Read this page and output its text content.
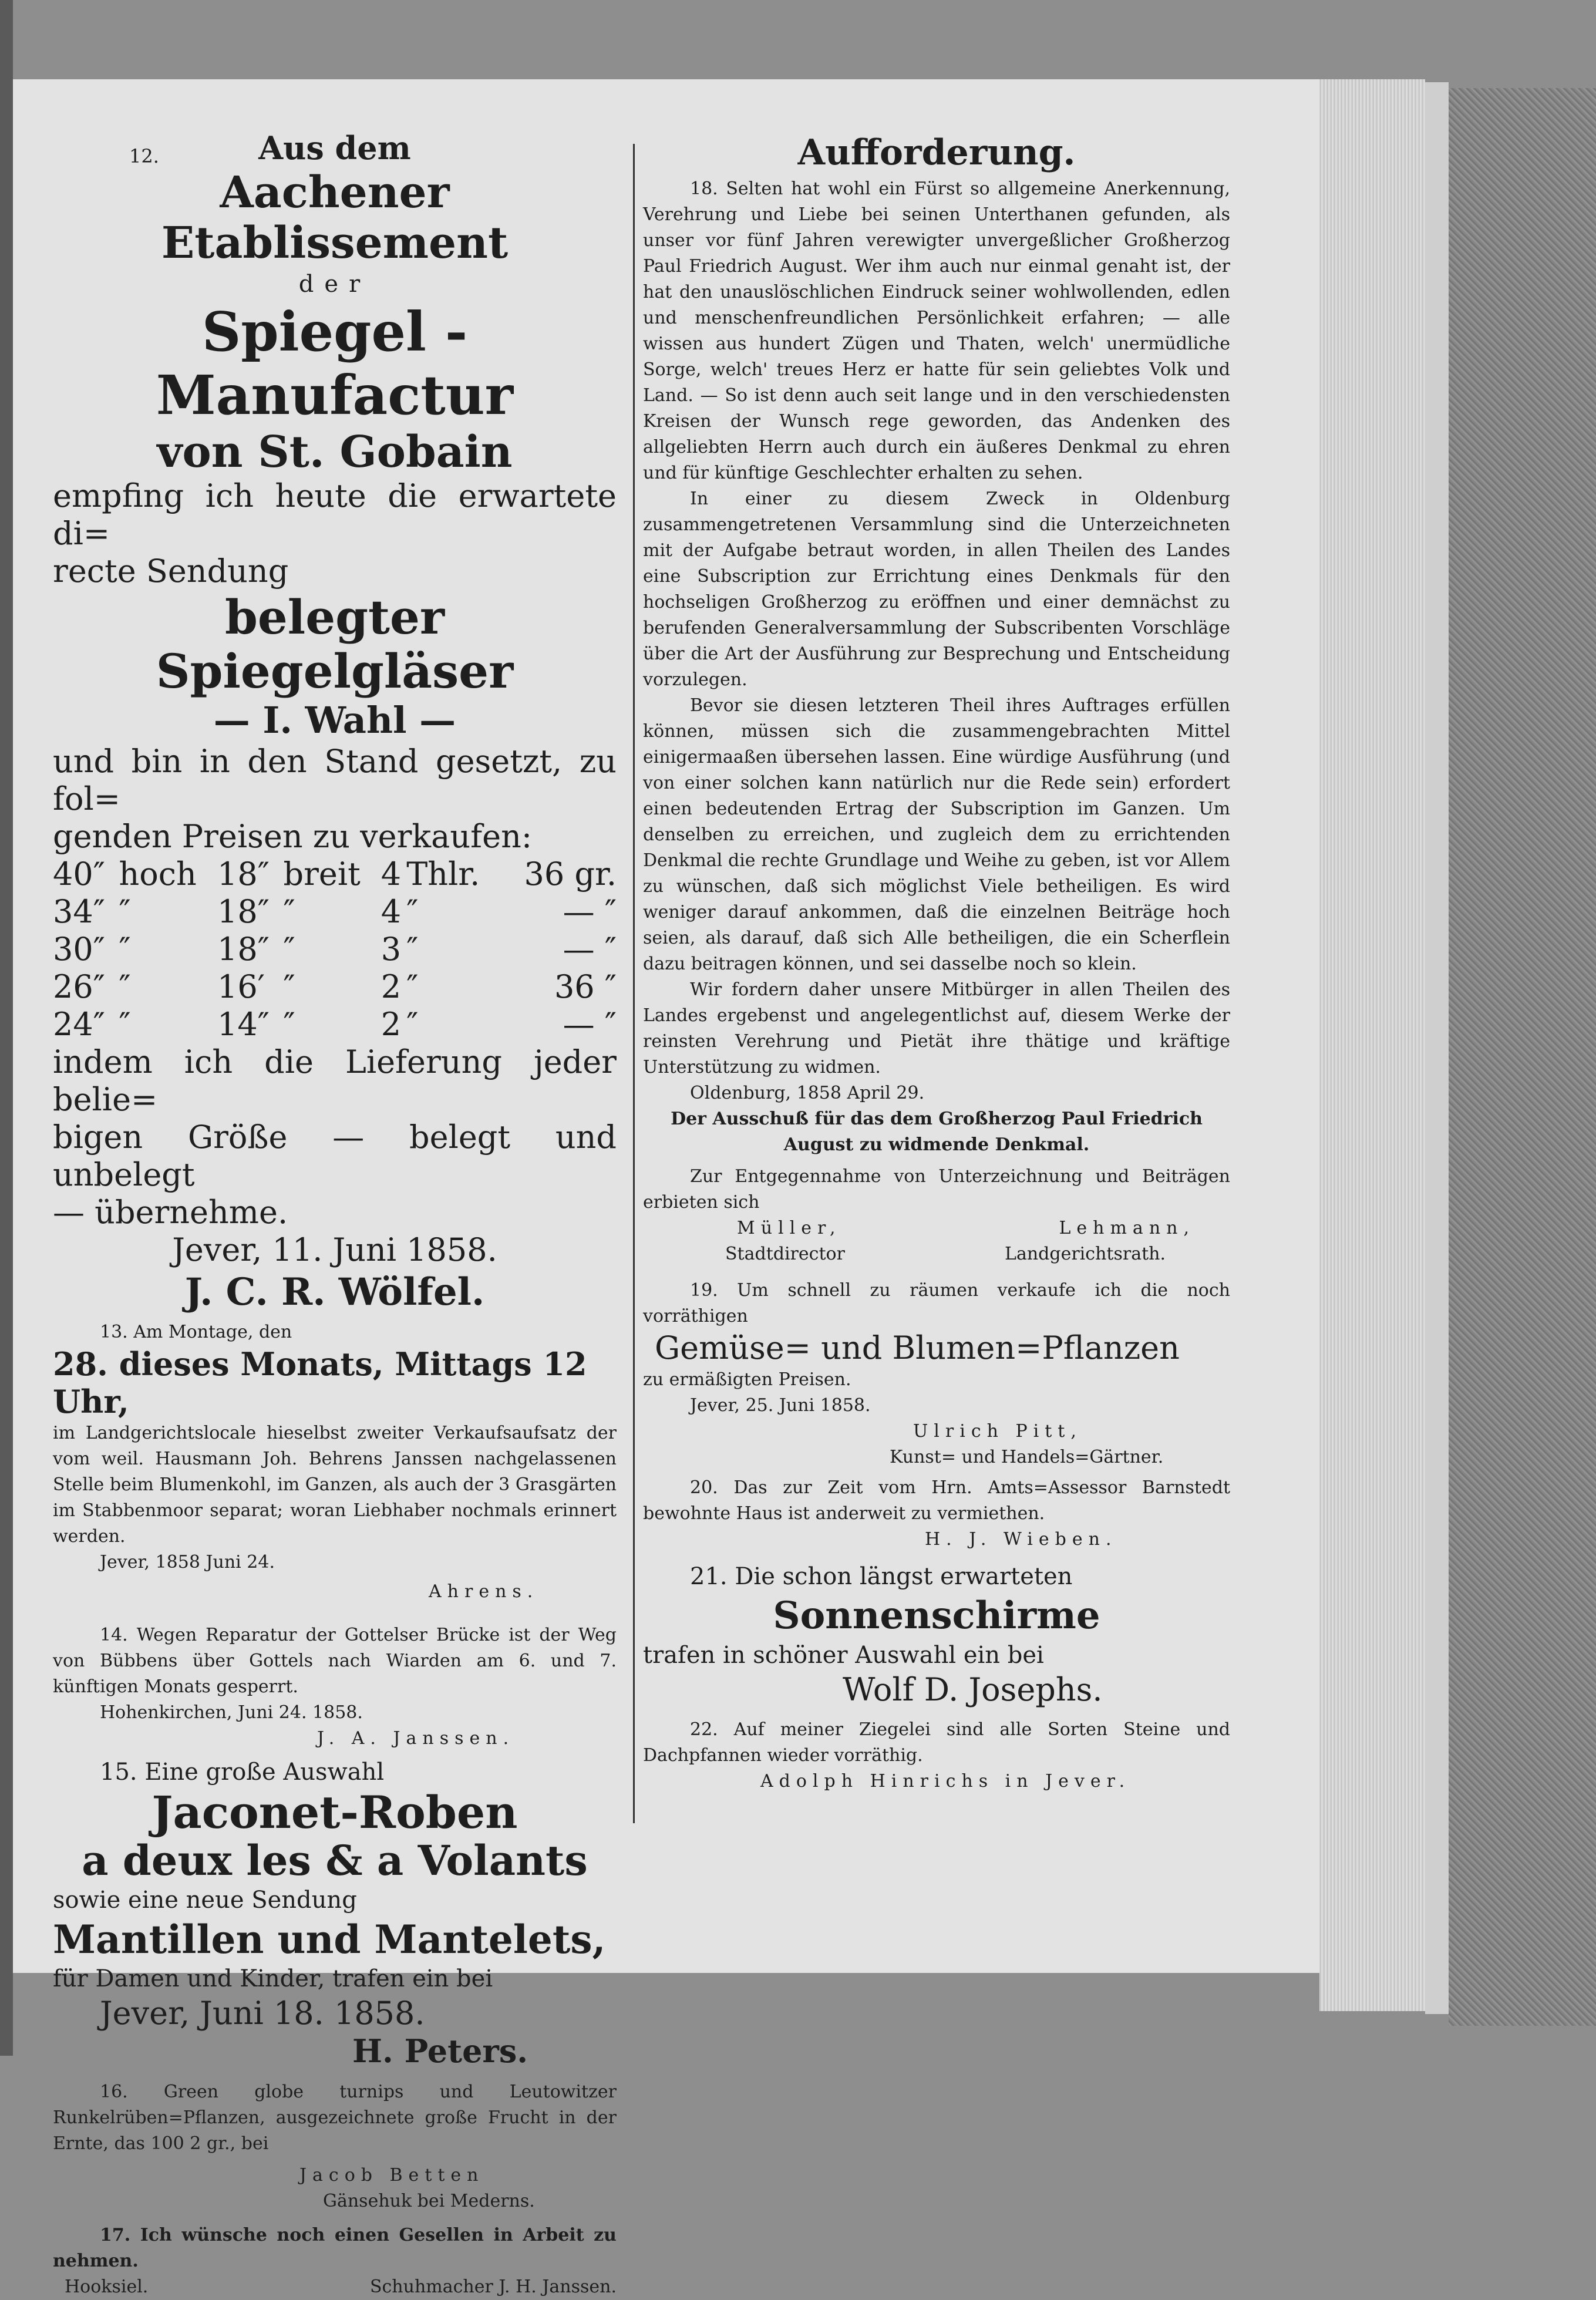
12.	Aus dem
Aachener Etablissement
der
Spiegel - Manufactur
von St. Gobain
empfing ich heute die erwartete di=
recte Sendung
belegter Spiegelgläser
— I. Wahl —
und bin in den Stand gesetzt, zu fol=
genden Preisen zu verkaufen:
40″	hoch	18″	breit	4	Thlr.	36 gr.
34″	″	18″	″	4	″	— ″
30″	″	18″	″	3	″	— ″
26″	″	16′	″	2	″	36 ″
24″	″	14″	″	2	″	— ″
indem ich die Lieferung jeder belie=
bigen Größe — belegt und unbelegt
— übernehme.
Jever, 11. Juni 1858.
J. C. R. Wölfel.
13. Am Montage, den
28. dieses Monats, Mittags 12 Uhr,
im Landgerichtslocale hieselbst zweiter Verkaufsaufsatz der vom weil. Hausmann Joh. Behrens Janssen nachgelassenen Stelle beim Blumenkohl, im Ganzen, als auch der 3 Grasgärten im Stabbenmoor separat; woran Liebhaber nochmals erinnert werden.
Jever, 1858 Juni 24.
Ahrens.
14. Wegen Reparatur der Gottelser Brücke ist der Weg von Bübbens über Gottels nach Wiarden am 6. und 7. künftigen Monats gesperrt.
Hohenkirchen, Juni 24. 1858.
J. A. Janssen.
15. Eine große Auswahl
Jaconet-Roben
a deux les & a Volants
sowie eine neue Sendung
Mantillen und Mantelets,
für Damen und Kinder, trafen ein bei
Jever, Juni 18. 1858.
H. Peters.
16. Green globe turnips und Leutowitzer Runkelrüben=Pflanzen, ausgezeichnete große Frucht in der Ernte, das 100 2 gr., bei
Jacob Betten
Gänsehuk bei Mederns.
17. Ich wünsche noch einen Gesellen in Arbeit zu nehmen.
Hooksiel.	Schuhmacher J. H. Janssen.
Aufforderung.
18. Selten hat wohl ein Fürst so allgemeine Anerkennung, Verehrung und Liebe bei seinen Unterthanen gefunden, als unser vor fünf Jahren verewigter unvergeßlicher Großherzog Paul Friedrich August. Wer ihm auch nur einmal genaht ist, der hat den unauslöschlichen Eindruck seiner wohlwollenden, edlen und menschenfreundlichen Persönlichkeit erfahren; — alle wissen aus hundert Zügen und Thaten, welch' unermüdliche Sorge, welch' treues Herz er hatte für sein geliebtes Volk und Land. — So ist denn auch seit lange und in den verschiedensten Kreisen der Wunsch rege geworden, das Andenken des allgeliebten Herrn auch durch ein äußeres Denkmal zu ehren und für künftige Geschlechter erhalten zu sehen.
In einer zu diesem Zweck in Oldenburg zusammengetretenen Versammlung sind die Unterzeichneten mit der Aufgabe betraut worden, in allen Theilen des Landes eine Subscription zur Errichtung eines Denkmals für den hochseligen Großherzog zu eröffnen und einer demnächst zu berufenden Generalversammlung der Subscribenten Vorschläge über die Art der Ausführung zur Besprechung und Entscheidung vorzulegen.
Bevor sie diesen letzteren Theil ihres Auftrages erfüllen können, müssen sich die zusammengebrachten Mittel einigermaaßen übersehen lassen. Eine würdige Ausführung (und von einer solchen kann natürlich nur die Rede sein) erfordert einen bedeutenden Ertrag der Subscription im Ganzen. Um denselben zu erreichen, und zugleich dem zu errichtenden Denkmal die rechte Grundlage und Weihe zu geben, ist vor Allem zu wünschen, daß sich möglichst Viele betheiligen. Es wird weniger darauf ankommen, daß die einzelnen Beiträge hoch seien, als darauf, daß sich Alle betheiligen, die ein Scherflein dazu beitragen können, und sei dasselbe noch so klein.
Wir fordern daher unsere Mitbürger in allen Theilen des Landes ergebenst und angelegentlichst auf, diesem Werke der reinsten Verehrung und Pietät ihre thätige und kräftige Unterstützung zu widmen.
Oldenburg, 1858 April 29.
Der Ausschuß für das dem Großherzog Paul Friedrich August zu widmende Denkmal.
Zur Entgegennahme von Unterzeichnung und Beiträgen erbieten sich
Müller,	Lehmann,
Stadtdirector	Landgerichtsrath.
19. Um schnell zu räumen verkaufe ich die noch vorräthigen
Gemüse= und Blumen=Pflanzen
zu ermäßigten Preisen.
Jever, 25. Juni 1858.
Ulrich Pitt,
Kunst= und Handels=Gärtner.
20. Das zur Zeit vom Hrn. Amts=Assessor Barnstedt bewohnte Haus ist anderweit zu vermiethen.
H. J. Wieben.
21. Die schon längst erwarteten
Sonnenschirme
trafen in schöner Auswahl ein bei
Wolf D. Josephs.
22. Auf meiner Ziegelei sind alle Sorten Steine und Dachpfannen wieder vorräthig.
Adolph Hinrichs in Jever.
